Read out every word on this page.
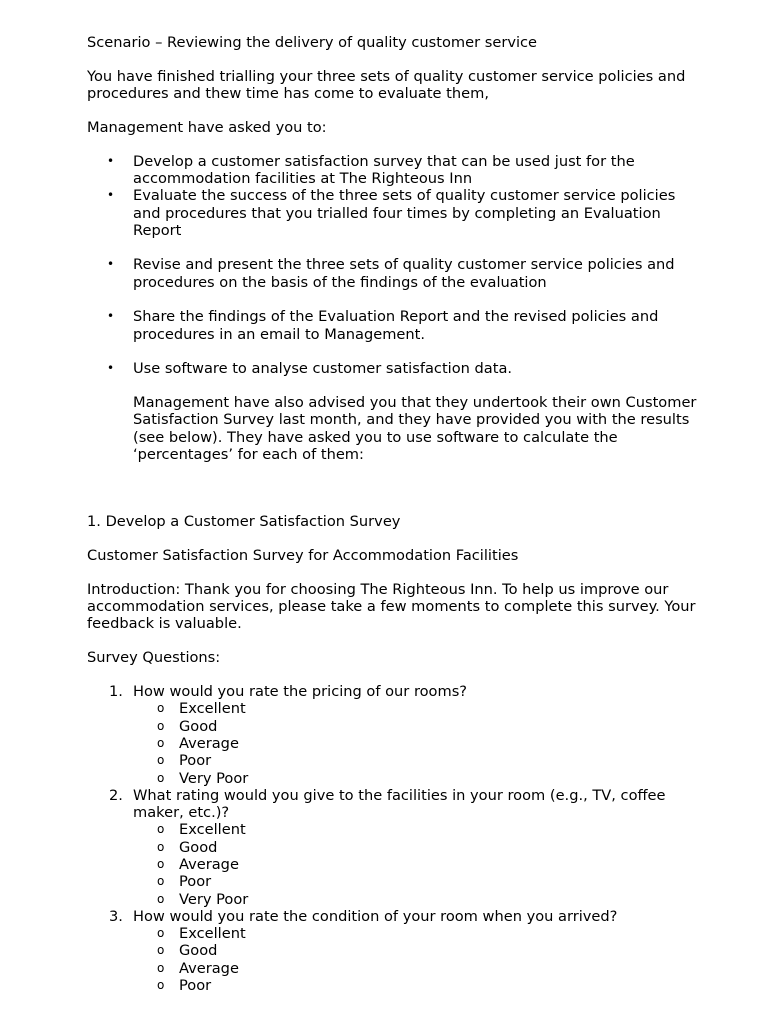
Scenario – Reviewing the delivery of quality customer service

You have finished trialling your three sets of quality customer service policies and procedures and thew time has come to evaluate them,

Management have asked you to:

• Develop a customer satisfaction survey that can be used just for the accommodation facilities at The Righteous Inn
• Evaluate the success of the three sets of quality customer service policies and procedures that you trialled four times by completing an Evaluation Report
• Revise and present the three sets of quality customer service policies and procedures on the basis of the findings of the evaluation
• Share the findings of the Evaluation Report and the revised policies and procedures in an email to Management.
• Use software to analyse customer satisfaction data.

Management have also advised you that they undertook their own Customer Satisfaction Survey last month, and they have provided you with the results (see below). They have asked you to use software to calculate the ‘percentages’ for each of them:

1. Develop a Customer Satisfaction Survey

Customer Satisfaction Survey for Accommodation Facilities

Introduction: Thank you for choosing The Righteous Inn. To help us improve our accommodation services, please take a few moments to complete this survey. Your feedback is valuable.

Survey Questions:

1. How would you rate the pricing of our rooms?
o Excellent
o Good
o Average
o Poor
o Very Poor
2. What rating would you give to the facilities in your room (e.g., TV, coffee maker, etc.)?
o Excellent
o Good
o Average
o Poor
o Very Poor
3. How would you rate the condition of your room when you arrived?
o Excellent
o Good
o Average
o Poor
